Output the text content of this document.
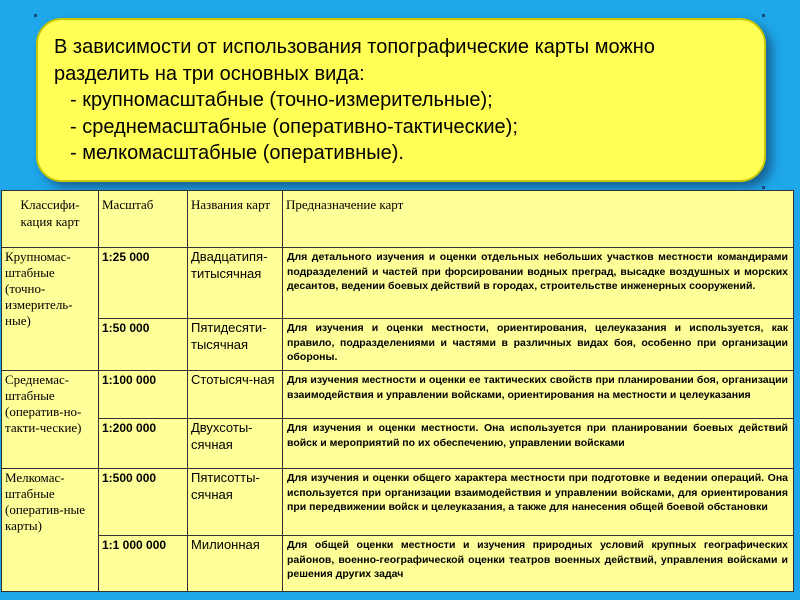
В зависимости от использования топографические карты можно
разделить на три основных вида:
- крупномасштабные (точно-измерительные);
- среднемасштабные (оперативно-тактические);
- мелкомасштабные (оперативные).
Классифи-кация карт	Масштаб	Названия карт	Предназначение карт
Крупномас-штабные (точно-измеритель-ные)	1:25 000	Двадцатипя-титысячная	Для детального изучения и оценки отдельных небольших участков местности командирами подразделений и частей при форсировании водных преград, высадке воздушных и морских десантов, ведении боевых действий в городах, строительстве инженерных сооружений.
	1:50 000	Пятидесяти-тысячная	Для изучения и оценки местности, ориентирования, целеуказания и используется, как правило, подразделениями и частями в различных видах боя, особенно при организации обороны.
Среднемас-штабные (оператив-но-такти-ческие)	1:100 000	Стотысяч-ная	Для изучения местности и оценки ее тактических свойств при планировании боя, организации взаимодействия и управлении войсками, ориентирования на местности и целеуказания
	1:200 000	Двухсоты-сячная	Для изучения и оценки местности. Она используется при планировании боевых действий войск и мероприятий по их обеспечению, управлении войсками
Мелкомас-штабные (оператив-ные карты)	1:500 000	Пятисотты-сячная	Для изучения и оценки общего характера местности при подготовке и ведении операций. Она используется при организации взаимодействия и управлении войсками, для ориентирования при передвижении войск и целеуказания, а также для нанесения общей боевой обстановки
	1:1 000 000	Милионная	Для общей оценки местности и изучения природных условий крупных географических районов, военно-географической оценки театров военных действий, управления войсками и решения других задач
